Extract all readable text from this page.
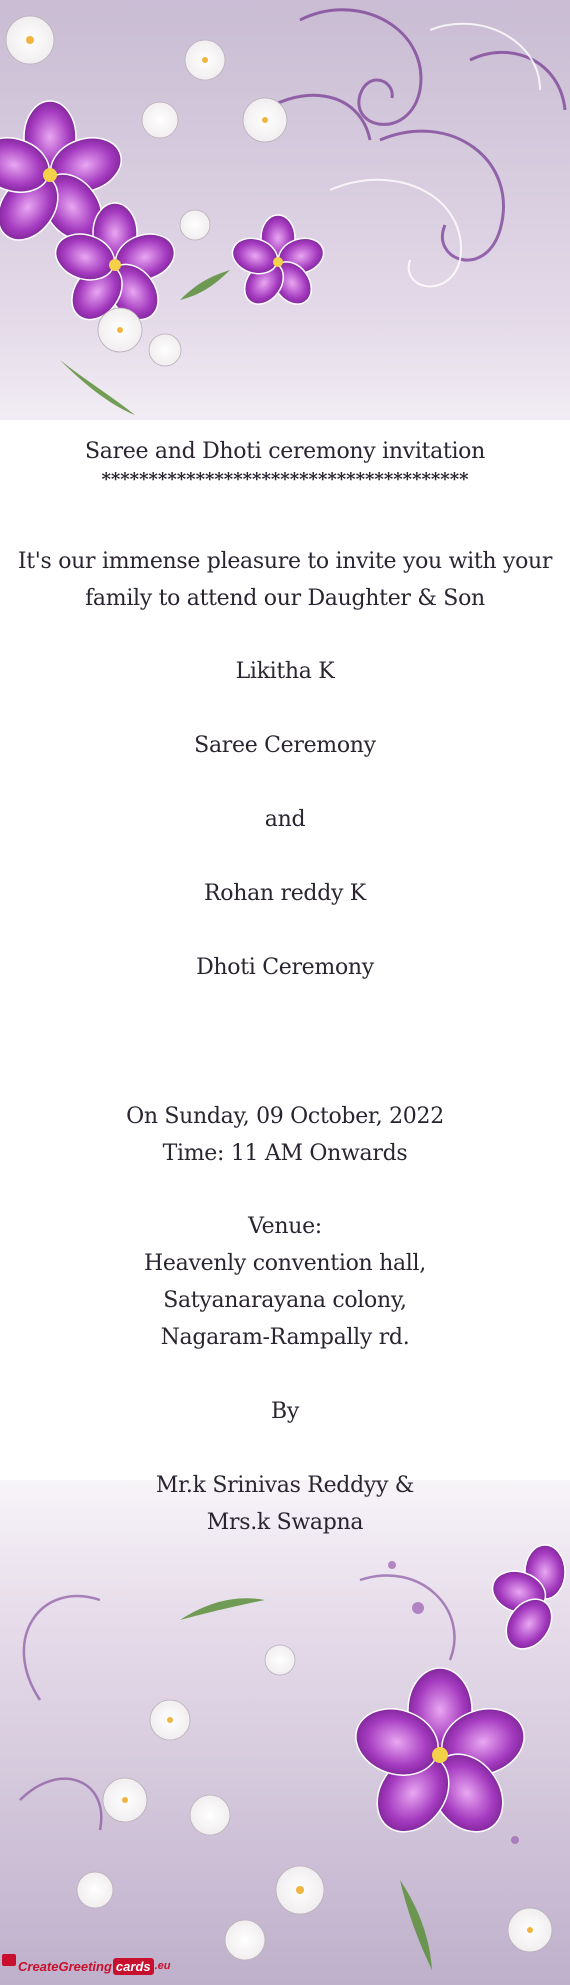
Saree and Dhoti ceremony invitation
***************************************
It's our immense pleasure to invite you with your
family to attend our Daughter & Son
Likitha K
Saree Ceremony
and
Rohan reddy K
Dhoti Ceremony
On Sunday, 09 October, 2022
Time: 11 AM Onwards
Venue:
Heavenly convention hall,
Satyanarayana colony,
Nagaram-Rampally rd.
By
Mr.k Srinivas Reddyy &
Mrs.k Swapna
CreateGreeting cards .eu
